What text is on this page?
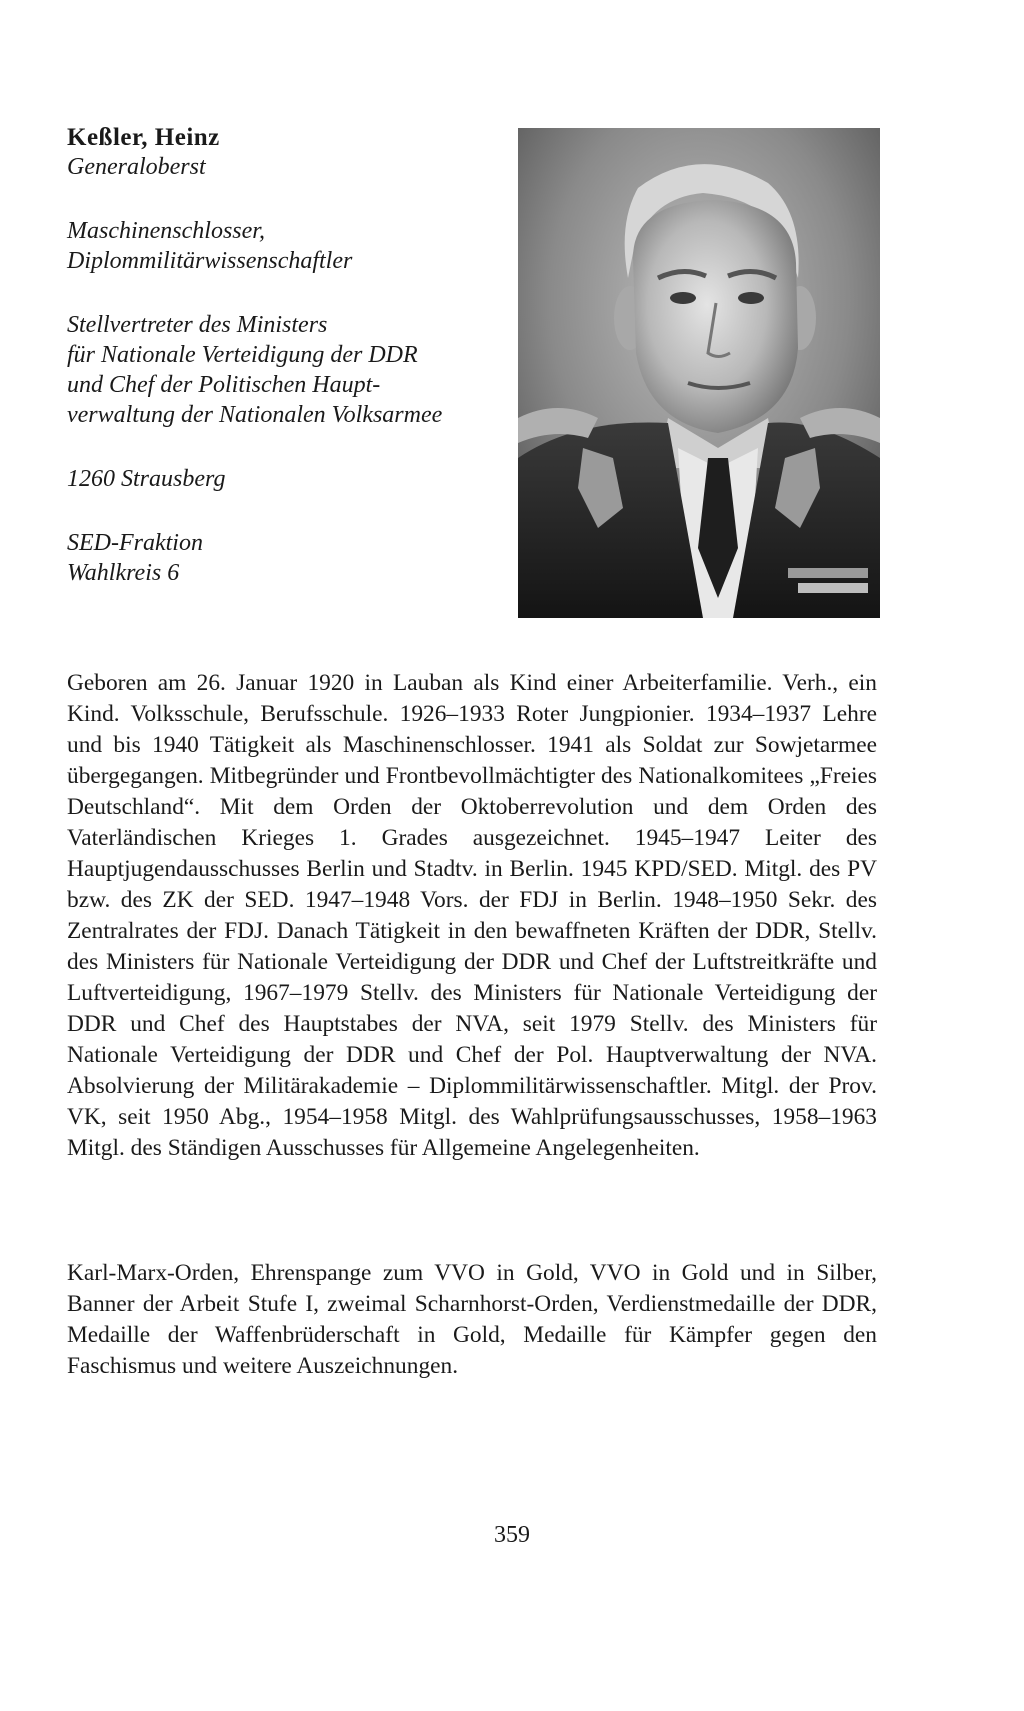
Keßler, Heinz

Generaloberst

Maschinenschlosser,

Diplommilitärwissenschaftler

Stellvertreter des Ministers

für Nationale Verteidigung der DDR

und Chef der Politischen Haupt-

verwaltung der Nationalen Volksarmee

1260 Strausberg

SED-Fraktion

Wahlkreis 6

Geboren am 26. Januar 1920 in Lauban als Kind einer Arbeiterfamilie. Verh., ein Kind. Volksschule, Berufsschule. 1926–1933 Roter Jungpionier. 1934–1937 Lehre und bis 1940 Tätigkeit als Maschinenschlosser. 1941 als Soldat zur Sowjetarmee übergegangen. Mitbegründer und Frontbevollmächtigter des Nationalkomitees „Freies Deutschland“. Mit dem Orden der Oktoberrevolution und dem Orden des Vaterländischen Krieges 1. Grades ausgezeichnet. 1945–1947 Leiter des Hauptjugendausschusses Berlin und Stadtv. in Berlin. 1945 KPD/SED. Mitgl. des PV bzw. des ZK der SED. 1947–1948 Vors. der FDJ in Berlin. 1948–1950 Sekr. des Zentralrates der FDJ. Danach Tätigkeit in den bewaffneten Kräften der DDR, Stellv. des Ministers für Nationale Verteidigung der DDR und Chef der Luftstreitkräfte und Luftverteidigung, 1967–1979 Stellv. des Ministers für Nationale Verteidigung der DDR und Chef des Hauptstabes der NVA, seit 1979 Stellv. des Ministers für Nationale Verteidigung der DDR und Chef der Pol. Hauptverwaltung der NVA. Absolvierung der Militärakademie – Diplommilitärwissenschaftler. Mitgl. der Prov. VK, seit 1950 Abg., 1954–1958 Mitgl. des Wahlprüfungsausschusses, 1958–1963 Mitgl. des Ständigen Ausschusses für Allgemeine Angelegenheiten.

Karl-Marx-Orden, Ehrenspange zum VVO in Gold, VVO in Gold und in Silber, Banner der Arbeit Stufe I, zweimal Scharnhorst-Orden, Verdienstmedaille der DDR, Medaille der Waffenbrüderschaft in Gold, Medaille für Kämpfer gegen den Faschismus und weitere Auszeichnungen.

359
